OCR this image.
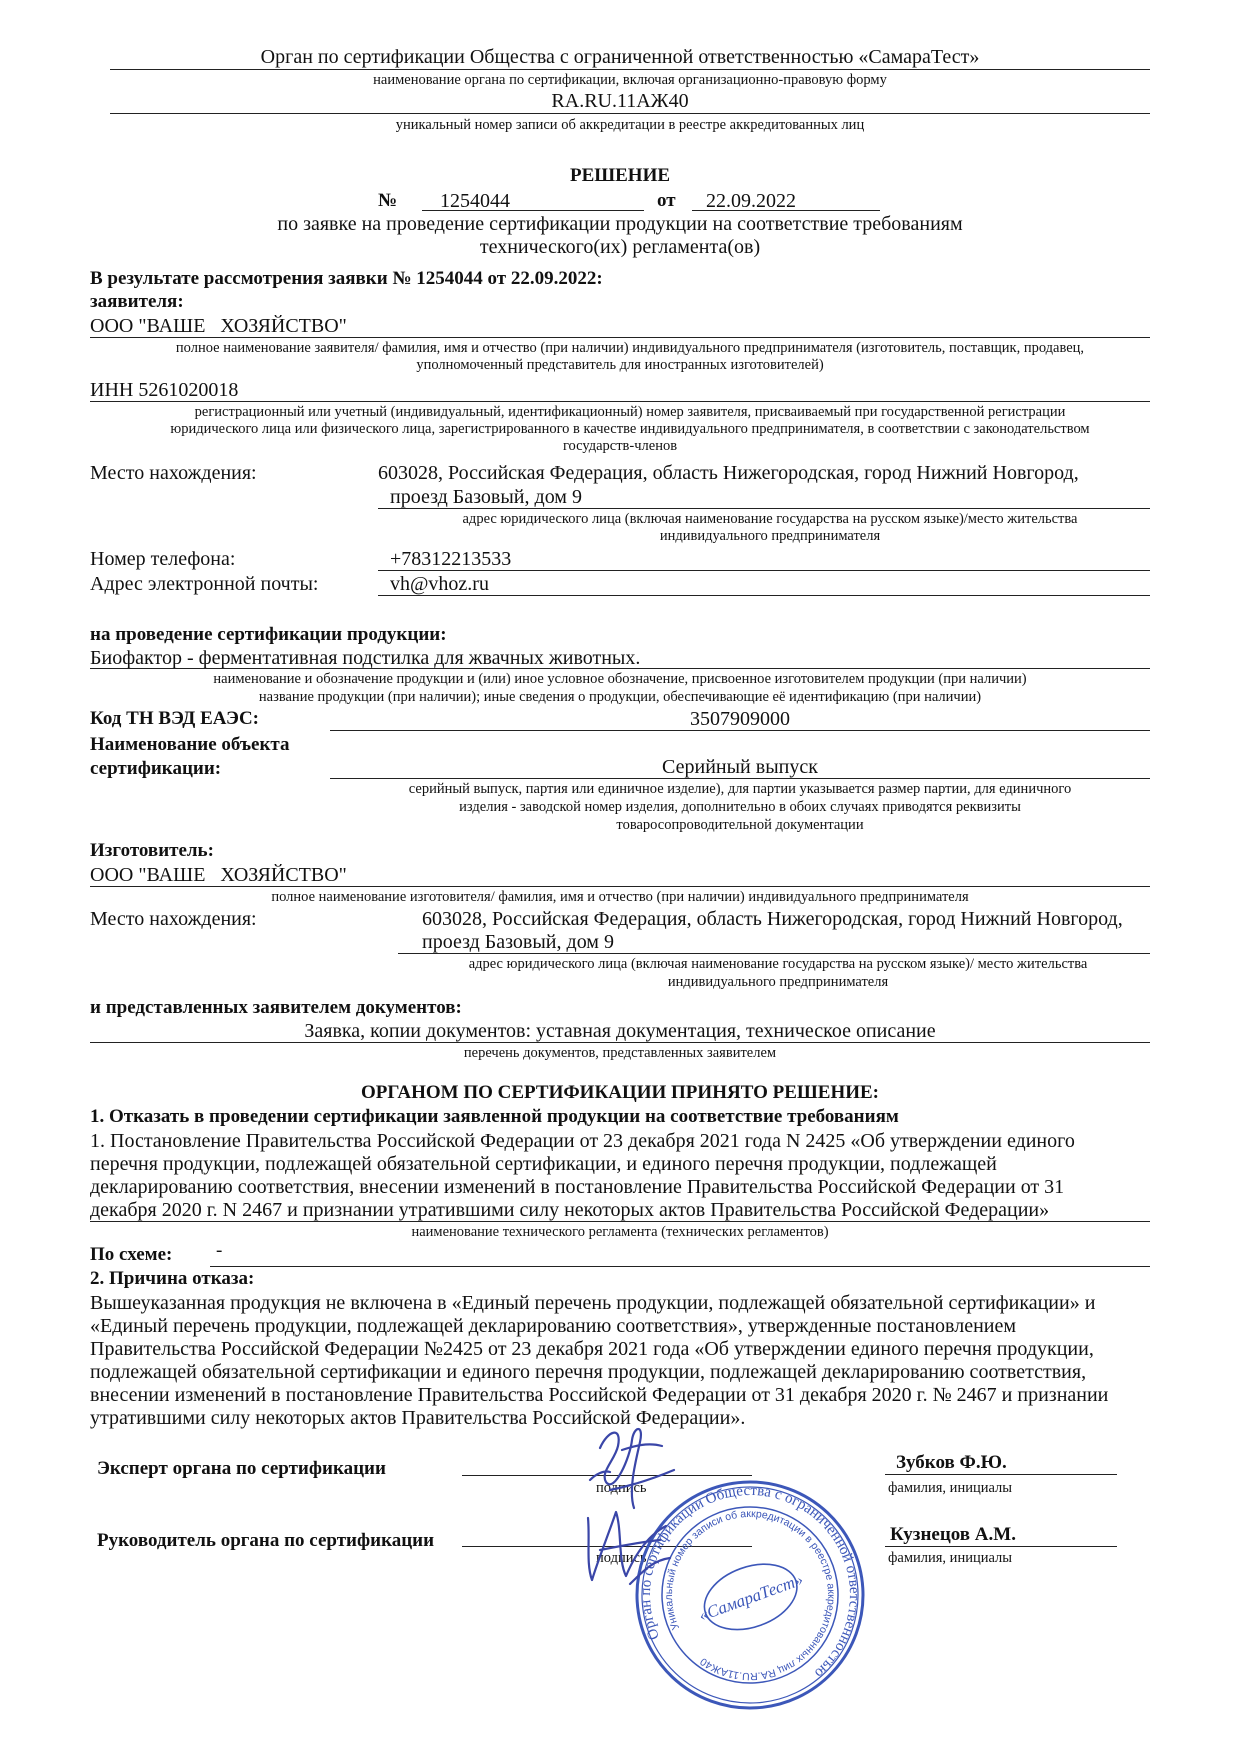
Орган по сертификации Общества с ограниченной ответственностью «СамараТест»
наименование органа по сертификации, включая организационно-правовую форму
RA.RU.11АЖ40
уникальный номер записи об аккредитации в реестре аккредитованных лиц
РЕШЕНИЕ
№ 1254044	от 22.09.2022
по заявке на проведение сертификации продукции на соответствие требованиям
технического(их) регламента(ов)
В результате рассмотрения заявки № 1254044 от 22.09.2022:
заявителя:
ООО "ВАШЕ   ХОЗЯЙСТВО"
полное наименование заявителя/ фамилия, имя и отчество (при наличии) индивидуального предпринимателя (изготовитель, поставщик, продавец,
уполномоченный представитель для иностранных изготовителей)
ИНН 5261020018
регистрационный или учетный (индивидуальный, идентификационный) номер заявителя, присваиваемый при государственной регистрации
юридического лица или физического лица, зарегистрированного в качестве индивидуального предпринимателя, в соответствии с законодательством
государств-членов
Место нахождения:	603028, Российская Федерация, область Нижегородская, город Нижний Новгород,
проезд Базовый, дом 9
адрес юридического лица (включая наименование государства на русском языке)/место жительства
индивидуального предпринимателя
Номер телефона:	+78312213533
Адрес электронной почты:	vh@vhoz.ru
на проведение сертификации продукции:
Биофактор - ферментативная подстилка для жвачных животных.
наименование и обозначение продукции и (или) иное условное обозначение, присвоенное изготовителем продукции (при наличии)
название продукции (при наличии); иные сведения о продукции, обеспечивающие её идентификацию (при наличии)
Код ТН ВЭД ЕАЭС:	3507909000
Наименование объекта
сертификации:	Серийный выпуск
серийный выпуск, партия или единичное изделие), для партии указывается размер партии, для единичного
изделия - заводской номер изделия, дополнительно в обоих случаях приводятся реквизиты
товаросопроводительной документации
Изготовитель:
ООО "ВАШЕ   ХОЗЯЙСТВО"
полное наименование изготовителя/ фамилия, имя и отчество (при наличии) индивидуального предпринимателя
Место нахождения:	603028, Российская Федерация, область Нижегородская, город Нижний Новгород,
проезд Базовый, дом 9
адрес юридического лица (включая наименование государства на русском языке)/ место жительства
индивидуального предпринимателя
и представленных заявителем документов:
Заявка, копии документов: уставная документация, техническое описание
перечень документов, представленных заявителем
ОРГАНОМ ПО СЕРТИФИКАЦИИ ПРИНЯТО РЕШЕНИЕ:
1. Отказать в проведении сертификации заявленной продукции на соответствие требованиям
1. Постановление Правительства Российской Федерации от 23 декабря 2021 года N 2425 «Об утверждении единого
перечня продукции, подлежащей обязательной сертификации, и единого перечня продукции, подлежащей
декларированию соответствия, внесении изменений в постановление Правительства Российской Федерации от 31
декабря 2020 г. N 2467 и признании утратившими силу некоторых актов Правительства Российской Федерации»
наименование технического регламента (технических регламентов)
По схеме: -
2. Причина отказа:
Вышеуказанная продукция не включена в «Единый перечень продукции, подлежащей обязательной сертификации» и
«Единый перечень продукции, подлежащей декларированию соответствия», утвержденные постановлением
Правительства Российской Федерации №2425 от 23 декабря 2021 года «Об утверждении единого перечня продукции,
подлежащей обязательной сертификации и единого перечня продукции, подлежащей декларированию соответствия,
внесении изменений в постановление Правительства Российской Федерации от 31 декабря 2020 г. № 2467 и признании
утратившими силу некоторых актов Правительства Российской Федерации».
Эксперт органа по сертификации
подпись
Зубков Ф.Ю.
фамилия, инициалы
Руководитель органа по сертификации
подпись
Кузнецов А.М.
фамилия, инициалы
Орган по сертификации Общества с ограниченной ответственностью
Уникальный номер записи об аккредитации в реестре аккредитованных лиц RA.RU.11АЖ40
«СамараТест»
